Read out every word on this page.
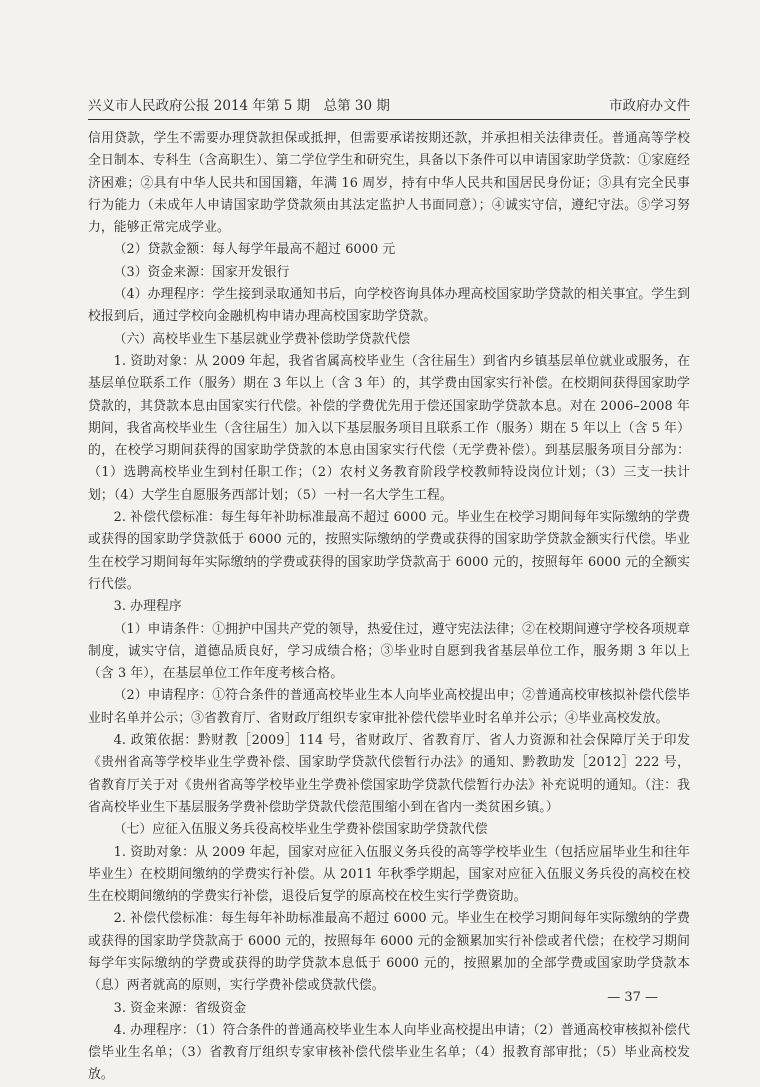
兴义市人民政府公报 2014 年第 5 期　总第 30 期	市政府办文件

信用贷款，学生不需要办理贷款担保或抵押，但需要承诺按期还款，并承担相关法律责任。普通高等学校全日制本、专科生（含高职生）、第二学位学生和研究生，具备以下条件可以申请国家助学贷款：①家庭经济困难；②具有中华人民共和国国籍，年满 16 周岁，持有中华人民共和国居民身份证；③具有完全民事行为能力（未成年人申请国家助学贷款须由其法定监护人书面同意）；④诚实守信，遵纪守法。⑤学习努力，能够正常完成学业。

（2）贷款金额：每人每学年最高不超过 6000 元

（3）资金来源：国家开发银行

（4）办理程序：学生接到录取通知书后，向学校咨询具体办理高校国家助学贷款的相关事宜。学生到校报到后，通过学校向金融机构申请办理高校国家助学贷款。

（六）高校毕业生下基层就业学费补偿助学贷款代偿

1. 资助对象：从 2009 年起，我省省属高校毕业生（含往届生）到省内乡镇基层单位就业或服务，在基层单位联系工作（服务）期在 3 年以上（含 3 年）的，其学费由国家实行补偿。在校期间获得国家助学贷款的，其贷款本息由国家实行代偿。补偿的学费优先用于偿还国家助学贷款本息。对在 2006–2008 年期间，我省高校毕业生（含往届生）加入以下基层服务项目且联系工作（服务）期在 5 年以上（含 5 年）的，在校学习期间获得的国家助学贷款的本息由国家实行代偿（无学费补偿）。到基层服务项目分部为：（1）选聘高校毕业生到村任职工作；（2）农村义务教育阶段学校教师特设岗位计划；（3）三支一扶计划；（4）大学生自愿服务西部计划；（5）一村一名大学生工程。

2. 补偿代偿标准：每生每年补助标准最高不超过 6000 元。毕业生在校学习期间每年实际缴纳的学费或获得的国家助学贷款低于 6000 元的，按照实际缴纳的学费或获得的国家助学贷款金额实行代偿。毕业生在校学习期间每年实际缴纳的学费或获得的国家助学贷款高于 6000 元的，按照每年 6000 元的全额实行代偿。

3. 办理程序

（1）申请条件：①拥护中国共产党的领导，热爱住过，遵守宪法法律；②在校期间遵守学校各项规章制度，诚实守信，道德品质良好，学习成绩合格；③毕业时自愿到我省基层单位工作，服务期 3 年以上（含 3 年），在基层单位工作年度考核合格。

（2）申请程序：①符合条件的普通高校毕业生本人向毕业高校提出申；②普通高校审核拟补偿代偿毕业时名单并公示；③省教育厅、省财政厅组织专家审批补偿代偿毕业时名单并公示；④毕业高校发放。

4. 政策依据：黔财教［2009］114 号，省财政厅、省教育厅、省人力资源和社会保障厅关于印发《贵州省高等学校毕业生学费补偿、国家助学贷款代偿暂行办法》的通知、黔教助发［2012］222 号，省教育厅关于对《贵州省高等学校毕业生学费补偿国家助学贷款代偿暂行办法》补充说明的通知。（注：我省高校毕业生下基层服务学费补偿助学贷款代偿范围缩小到在省内一类贫困乡镇。）

（七）应征入伍服义务兵役高校毕业生学费补偿国家助学贷款代偿

1. 资助对象：从 2009 年起，国家对应征入伍服义务兵役的高等学校毕业生（包括应届毕业生和往年毕业生）在校期间缴纳的学费实行补偿。从 2011 年秋季学期起，国家对应征入伍服义务兵役的高校在校生在校期间缴纳的学费实行补偿，退役后复学的原高校在校生实行学费资助。

2. 补偿代偿标准：每生每年补助标准最高不超过 6000 元。毕业生在校学习期间每年实际缴纳的学费或获得的国家助学贷款高于 6000 元的，按照每年 6000 元的金额累加实行补偿或者代偿；在校学习期间每学年实际缴纳的学费或获得的助学贷款本息低于 6000 元的，按照累加的全部学费或国家助学贷款本（息）两者就高的原则，实行学费补偿或贷款代偿。

3. 资金来源：省级资金

4. 办理程序：（1）符合条件的普通高校毕业生本人向毕业高校提出申请；（2）普通高校审核拟补偿代偿毕业生名单；（3）省教育厅组织专家审核补偿代偿毕业生名单；（4）报教育部审批；（5）毕业高校发放。

— 37 —
